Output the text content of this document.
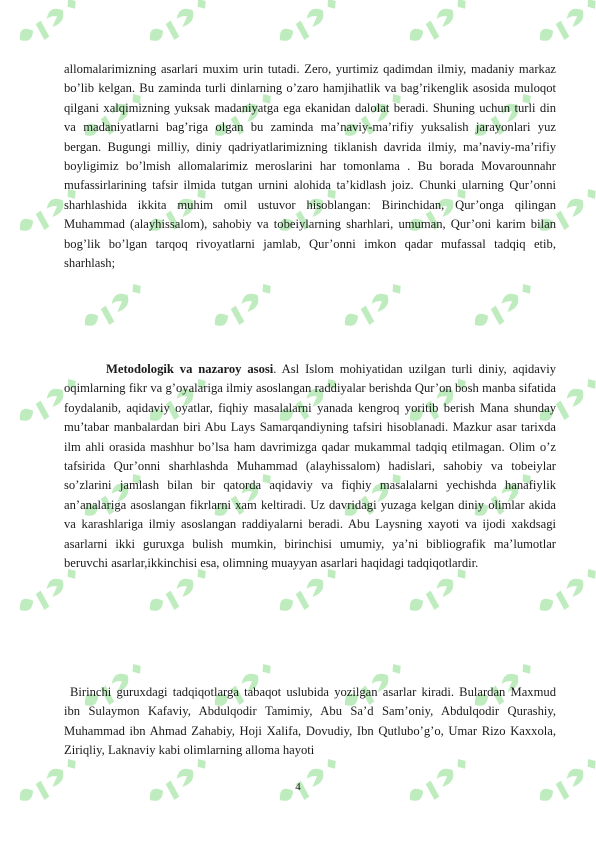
allomalarimizning asarlari muxim urin tutadi. Zero, yurtimiz qadimdan ilmiy, madaniy markaz bo’lib kelgan. Bu zaminda turli dinlarning o’zaro hamjihatlik va bag’rikenglik asosida muloqot qilgani xalqimizning yuksak madaniyatga ega ekanidan dalolat beradi. Shuning uchun turli din va madaniyatlarni bag’riga olgan bu zaminda ma’naviy-ma’rifiy yuksalish jarayonlari yuz bergan. Bugungi milliy, diniy qadriyatlarimizning tiklanish davrida ilmiy, ma’naviy-ma’rifiy boyligimiz bo’lmish allomalarimiz meroslarini har tomonlama . Bu borada Movarounnahr mufassirlarining tafsir ilmida tutgan urnini alohida ta’kidlash joiz. Chunki ularning Qur’onni sharhlashida ikkita muhim omil ustuvor hisoblangan: Birinchidan, Qur’onga qilingan Muhammad (alayhissalom), sahobiy va tobeiylarning sharhlari, umuman, Qur’oni karim bilan bog’lik bo’lgan tarqoq rivoyatlarni jamlab, Qur’onni imkon qadar mufassal tadqiq etib, sharhlash;
Metodologik va nazaroy asosi. Asl Islom mohiyatidan uzilgan turli diniy, aqidaviy oqimlarning fikr va g’oyalariga ilmiy asoslangan raddiyalar berishda Qur’on bosh manba sifatida foydalanib, aqidaviy oyatlar, fiqhiy masalalarni yanada kengroq yoritib berish Mana shunday mu’tabar manbalardan biri Abu Lays Samarqandiyning tafsiri hisoblanadi. Mazkur asar tarixda ilm ahli orasida mashhur bo’lsa ham davrimizga qadar mukammal tadqiq etilmagan. Olim o’z tafsirida Qur’onni sharhlashda Muhammad (alayhissalom) hadislari, sahobiy va tobeiylar so’zlarini jamlash bilan bir qatorda aqidaviy va fiqhiy masalalarni yechishda hanafiylik an’analariga asoslangan fikrlarni xam keltiradi. Uz davridagi yuzaga kelgan diniy olimlar akida va karashlariga ilmiy asoslangan raddiyalarni beradi. Abu Laysning xayoti va ijodi xakdsagi asarlarni ikki guruxga bulish mumkin, birinchisi umumiy, ya’ni bibliografik ma’lumotlar beruvchi asarlar,ikkinchisi esa, olimning muayyan asarlari haqidagi tadqiqotlardir.
Birinchi guruxdagi tadqiqotlarga tabaqot uslubida yozilgan asarlar kiradi. Bulardan Maxmud ibn Sulaymon Kafaviy, Abdulqodir Tamimiy, Abu Sa’d Sam’oniy, Abdulqodir Qurashiy, Muhammad ibn Ahmad Zahabiy, Hoji Xalifa, Dovudiy, Ibn Qutlubo’g’o, Umar Rizo Kaxxola, Ziriqliy, Laknaviy kabi olimlarning alloma hayoti
4
